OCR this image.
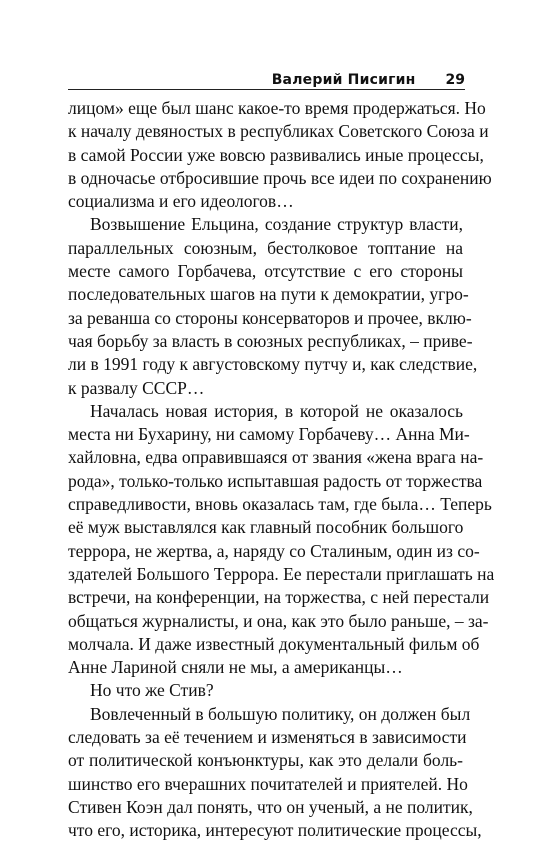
Валерий Писигин 29
лицом» еще был шанс какое-то время продержаться. Но
к началу девяностых в республиках Советского Союза и
в самой России уже вовсю развивались иные процессы,
в одночасье отбросившие прочь все идеи по сохранению
социализма и его идеологов…
Возвышение Ельцина, создание структур власти,
параллельных союзным, бестолковое топтание на
месте самого Горбачева, отсутствие с его стороны
последовательных шагов на пути к демократии, угро-
за реванша со стороны консерваторов и прочее, вклю-
чая борьбу за власть в союзных республиках, – приве-
ли в 1991 году к августовскому путчу и, как следствие,
к развалу СССР…
Началась новая история, в которой не оказалось
места ни Бухарину, ни самому Горбачеву… Анна Ми-
хайловна, едва оправившаяся от звания «жена врага на-
рода», только-только испытавшая радость от торжества
справедливости, вновь оказалась там, где была… Теперь
её муж выставлялся как главный пособник большого
террора, не жертва, а, наряду со Сталиным, один из со-
здателей Большого Террора. Ее перестали приглашать на
встречи, на конференции, на торжества, с ней перестали
общаться журналисты, и она, как это было раньше, – за-
молчала. И даже известный документальный фильм об
Анне Лариной сняли не мы, а американцы…
Но что же Стив?
Вовлеченный в большую политику, он должен был
следовать за её течением и изменяться в зависимости
от политической конъюнктуры, как это делали боль-
шинство его вчерашних почитателей и приятелей. Но
Стивен Коэн дал понять, что он ученый, а не политик,
что его, историка, интересуют политические процессы,
